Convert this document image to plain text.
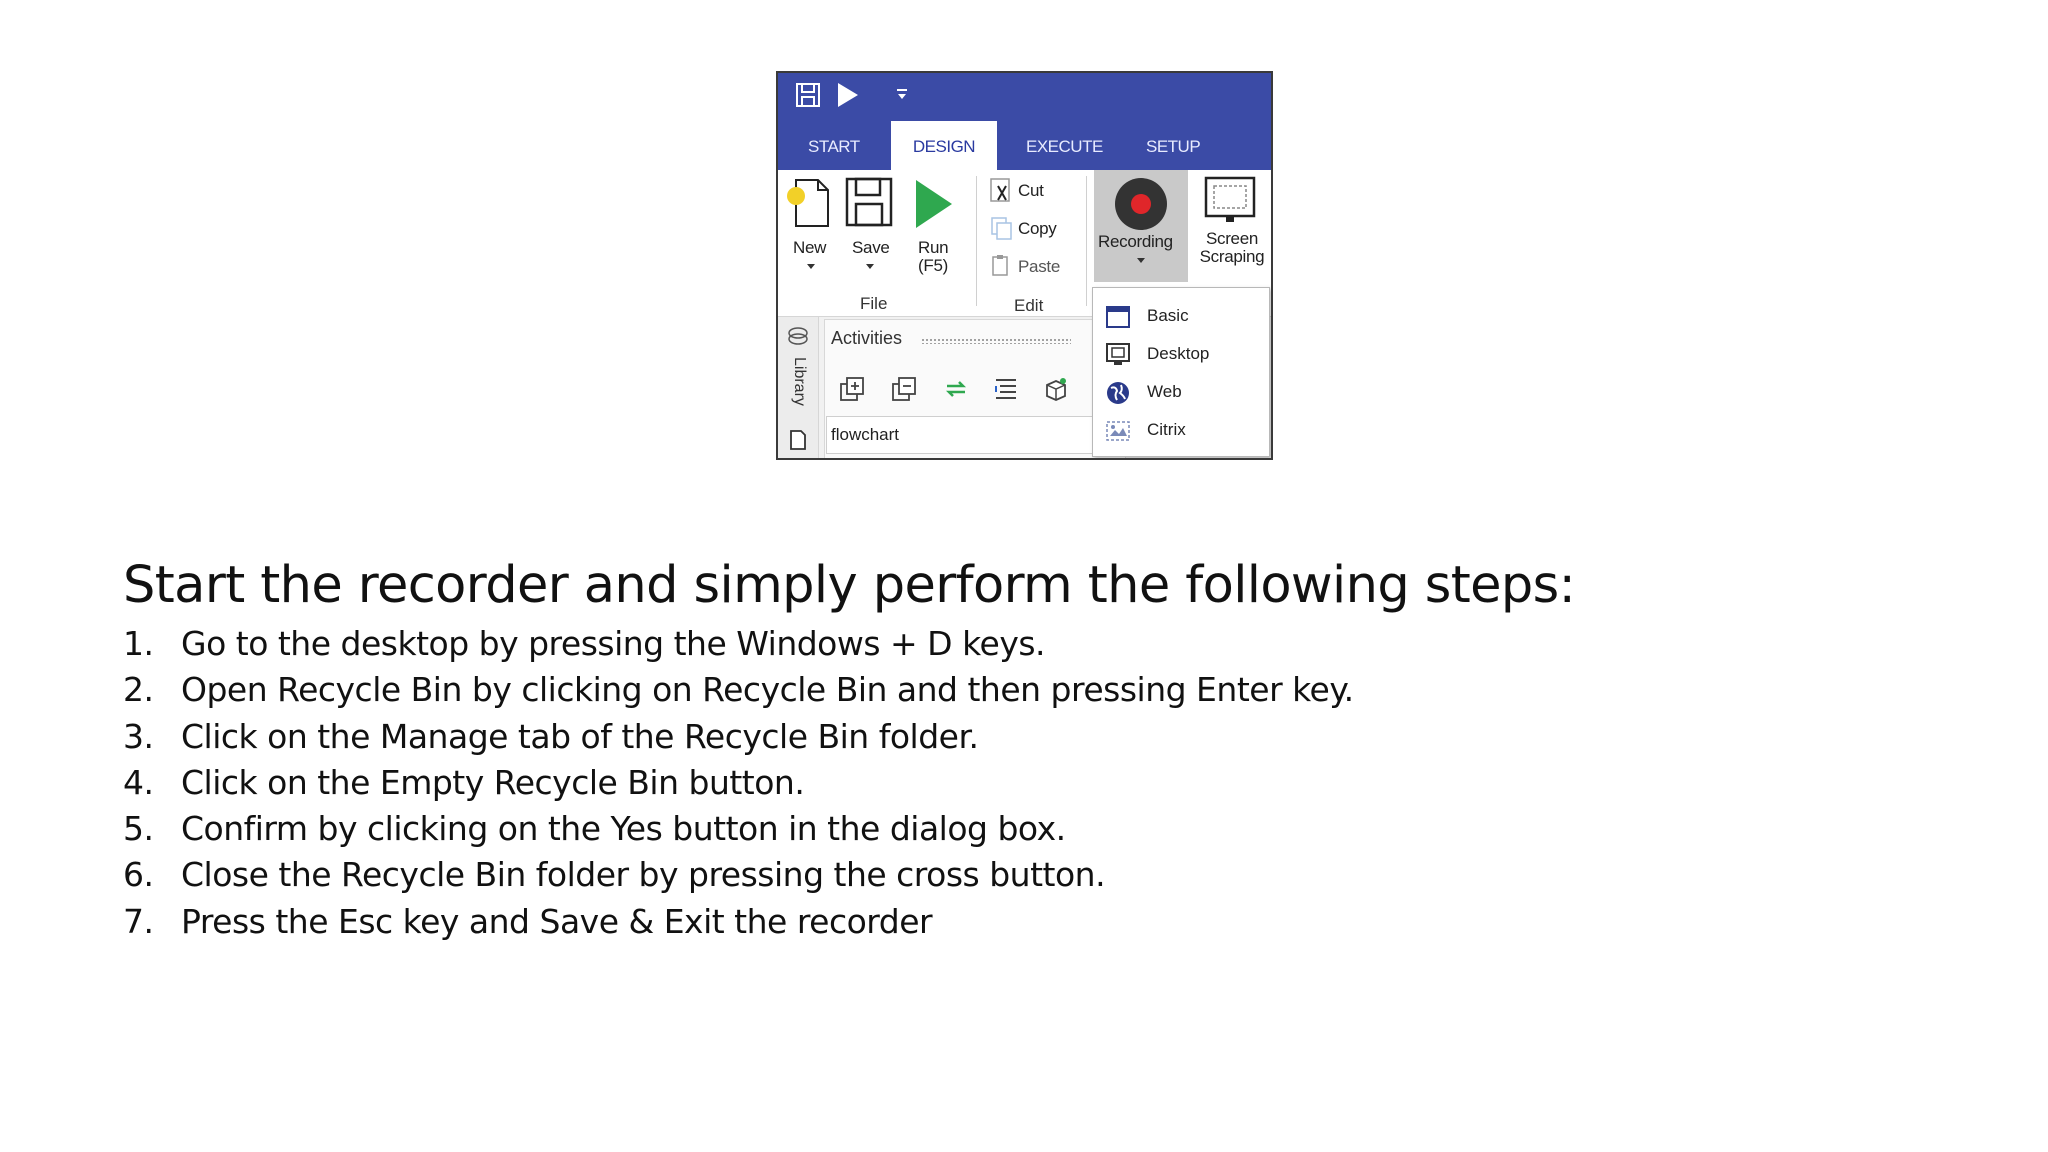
START	DESIGN	EXECUTE	SETUP
New Save Run
(F5)
File
Cut
Copy
Paste
Edit
Recording	Screen Scraping
Library
Activities
flowchart
Basic
Desktop
Web
Citrix
Start the recorder and simply perform the following steps:
1. Go to the desktop by pressing the Windows + D keys.
2. Open Recycle Bin by clicking on Recycle Bin and then pressing Enter key.
3. Click on the Manage tab of the Recycle Bin folder.
4. Click on the Empty Recycle Bin button.
5. Confirm by clicking on the Yes button in the dialog box.
6. Close the Recycle Bin folder by pressing the cross button.
7. Press the Esc key and Save & Exit the recorder
